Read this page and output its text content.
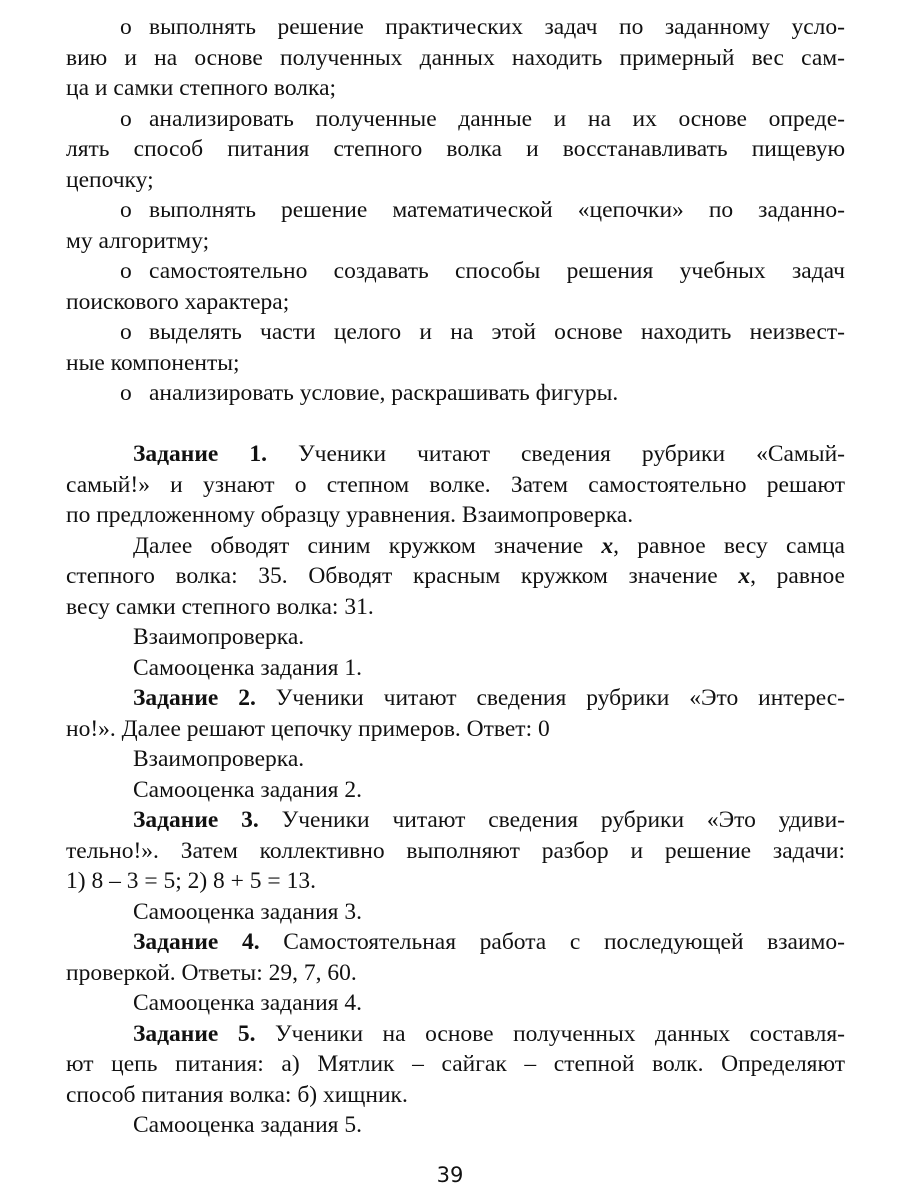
o выполнять решение практических задач по заданному усло-
вию и на основе полученных данных находить примерный вес сам-
ца и самки степного волка;
o анализировать полученные данные и на их основе опреде-
лять способ питания степного волка и восстанавливать пищевую
цепочку;
o выполнять решение математической «цепочки» по заданно-
му алгоритму;
o самостоятельно создавать способы решения учебных задач
поискового характера;
o выделять части целого и на этой основе находить неизвест-
ные компоненты;
o анализировать условие, раскрашивать фигуры.
Задание 1. Ученики читают сведения рубрики «Самый-
самый!» и узнают о степном волке. Затем самостоятельно решают
по предложенному образцу уравнения. Взаимопроверка.
Далее обводят синим кружком значение x, равное весу самца
степного волка: 35. Обводят красным кружком значение x, равное
весу самки степного волка: 31.
Взаимопроверка.
Самооценка задания 1.
Задание 2. Ученики читают сведения рубрики «Это интерес-
но!». Далее решают цепочку примеров. Ответ: 0
Взаимопроверка.
Самооценка задания 2.
Задание 3. Ученики читают сведения рубрики «Это удиви-
тельно!». Затем коллективно выполняют разбор и решение задачи:
1) 8 – 3 = 5; 2) 8 + 5 = 13.
Самооценка задания 3.
Задание 4. Самостоятельная работа с последующей взаимо-
проверкой. Ответы: 29, 7, 60.
Самооценка задания 4.
Задание 5. Ученики на основе полученных данных составля-
ют цепь питания: а) Мятлик – сайгак – степной волк. Определяют
способ питания волка: б) хищник.
Самооценка задания 5.
39
